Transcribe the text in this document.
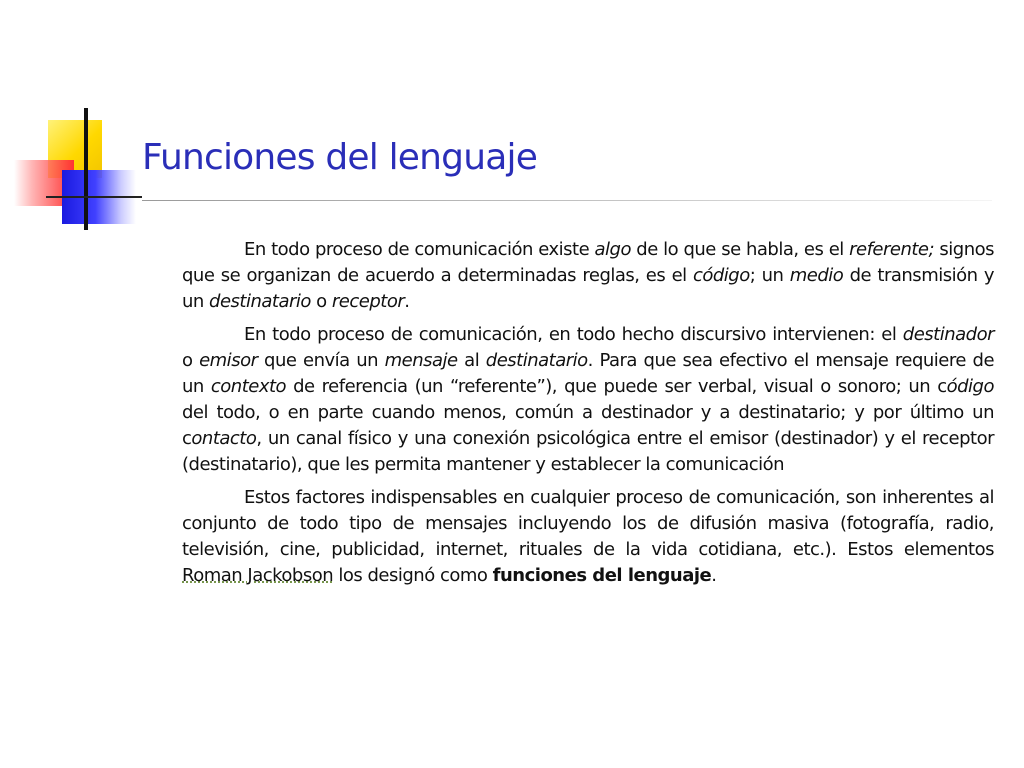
Funciones del lenguaje

En todo proceso de comunicación existe algo de lo que se habla, es el referente; signos que se organizan de acuerdo a determinadas reglas, es el código; un medio de transmisión y un destinatario o receptor.

En todo proceso de comunicación, en todo hecho discursivo intervienen: el destinador o emisor que envía un mensaje al destinatario. Para que sea efectivo el mensaje requiere de un contexto de referencia (un “referente”), que puede ser verbal, visual o sonoro; un código del todo, o en parte cuando menos, común a destinador y a destinatario; y por último un contacto, un canal físico y una conexión psicológica entre el emisor (destinador) y el receptor (destinatario), que les permita mantener y establecer la comunicación

Estos factores indispensables en cualquier proceso de comunicación, son inherentes al conjunto de todo tipo de mensajes incluyendo los de difusión masiva (fotografía, radio, televisión, cine, publicidad, internet, rituales de la vida cotidiana, etc.). Estos elementos Roman Jackobson los designó como funciones del lenguaje.
